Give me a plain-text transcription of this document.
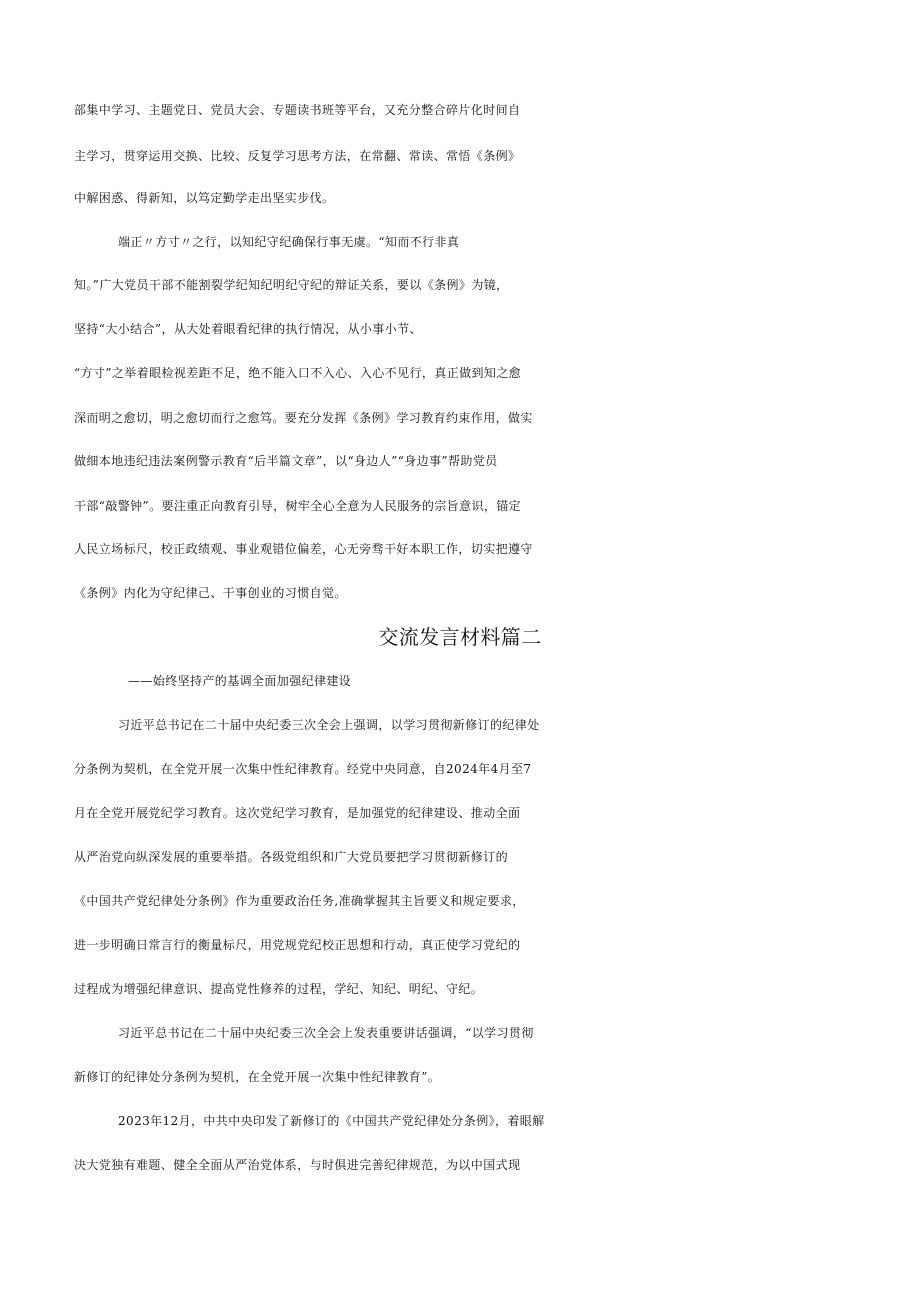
部集中学习、主题党日、党员大会、专题读书班等平台，又充分整合碎片化时间自
主学习，贯穿运用交换、比较、反复学习思考方法，在常翻、常读、常悟《条例》
中解困惑、得新知，以笃定勤学走出坚实步伐。
端正〃方寸〃之行，以知纪守纪确保行事无虞。“知而不行非真
知。”广大党员干部不能割裂学纪知纪明纪守纪的辩证关系，要以《条例》为镜，
坚持“大小结合”，从大处着眼看纪律的执行情况，从小事小节、
“方寸”之举着眼检视差距不足，绝不能入口不入心、入心不见行，真正做到知之愈
深而明之愈切，明之愈切而行之愈笃。要充分发挥《条例》学习教育约束作用，做实
做细本地违纪违法案例警示教育“后半篇文章”，以“身边人”“身边事”帮助党员
干部“敲警钟”。要注重正向教育引导，树牢全心全意为人民服务的宗旨意识，锚定
人民立场标尺，校正政绩观、事业观错位偏差，心无旁骛干好本职工作，切实把遵守
《条例》内化为守纪律己、干事创业的习惯自觉。
交流发言材料篇二
——始终坚持产的基调全面加强纪律建设
习近平总书记在二十届中央纪委三次全会上强调，以学习贯彻新修订的纪律处
分条例为契机，在全党开展一次集中性纪律教育。经党中央同意，自2024年4月至7
月在全党开展党纪学习教育。这次党纪学习教育，是加强党的纪律建设、推动全面
从严治党向纵深发展的重要举措。各级党组织和广大党员要把学习贯彻新修订的
《中国共产党纪律处分条例》作为重要政治任务,准确掌握其主旨要义和规定要求，
进一步明确日常言行的衡量标尺，用党规党纪校正思想和行动，真正使学习党纪的
过程成为增强纪律意识、提高党性修养的过程，学纪、知纪、明纪、守纪。
习近平总书记在二十届中央纪委三次全会上发表重要讲话强调，“以学习贯彻
新修订的纪律处分条例为契机，在全党开展一次集中性纪律教育”。
2023年12月，中共中央印发了新修订的《中国共产党纪律处分条例》，着眼解
决大党独有难题、健全全面从严治党体系，与时俱进完善纪律规范，为以中国式现
